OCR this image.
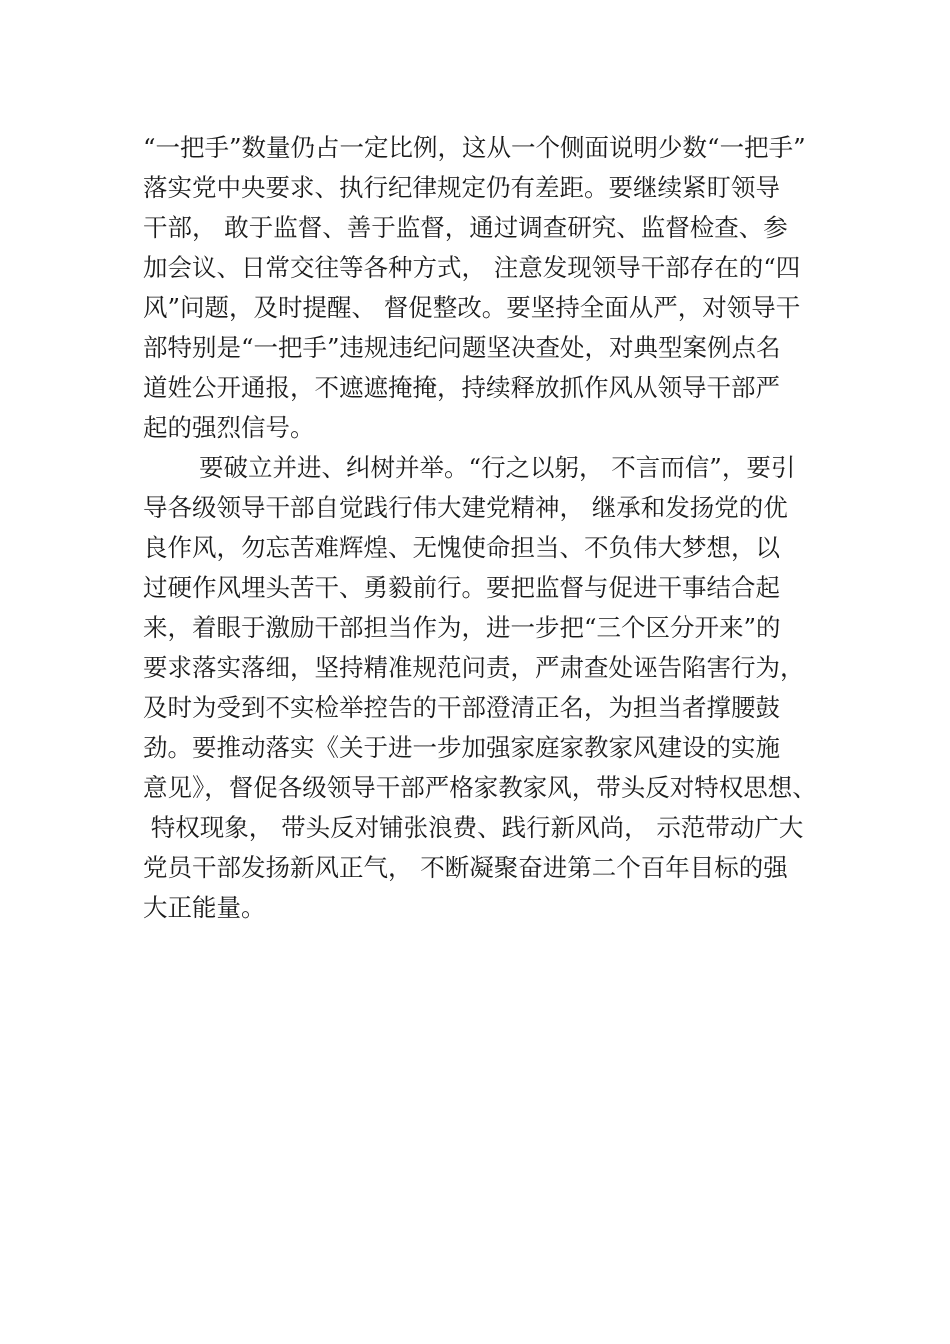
“一把手”数量仍占一定比例，这从一个侧面说明少数“一把手”
落实党中央要求、执行纪律规定仍有差距。要继续紧盯领导
干部， 敢于监督、善于监督，通过调查研究、监督检查、参
加会议、日常交往等各种方式， 注意发现领导干部存在的“四
风”问题，及时提醒、 督促整改。要坚持全面从严，对领导干
部特别是“一把手”违规违纪问题坚决查处，对典型案例点名
道姓公开通报，不遮遮掩掩，持续释放抓作风从领导干部严
起的强烈信号。
要破立并进、纠树并举。“行之以躬， 不言而信”，要引
导各级领导干部自觉践行伟大建党精神， 继承和发扬党的优
良作风，勿忘苦难辉煌、无愧使命担当、不负伟大梦想，以
过硬作风埋头苦干、勇毅前行。要把监督与促进干事结合起
来，着眼于激励干部担当作为，进一步把“三个区分开来”的
要求落实落细，坚持精准规范问责，严肃查处诬告陷害行为，
及时为受到不实检举控告的干部澄清正名，为担当者撑腰鼓
劲。要推动落实《关于进一步加强家庭家教家风建设的实施
意见》，督促各级领导干部严格家教家风，带头反对特权思想、
特权现象， 带头反对铺张浪费、践行新风尚， 示范带动广大
党员干部发扬新风正气， 不断凝聚奋进第二个百年目标的强
大正能量。
